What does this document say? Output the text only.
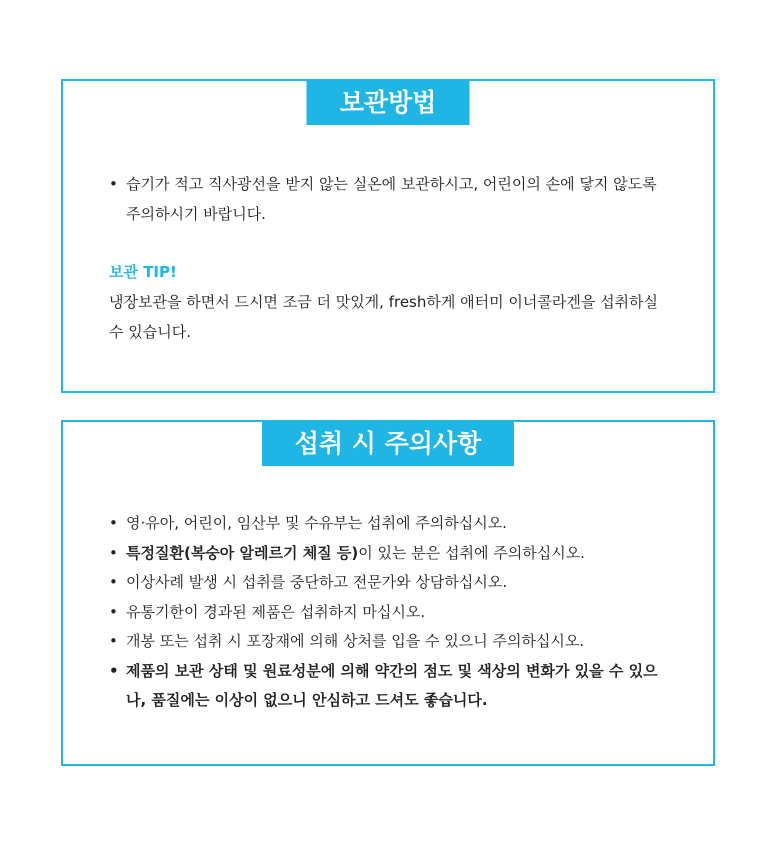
보관방법
• 습기가 적고 직사광선을 받지 않는 실온에 보관하시고, 어린이의 손에 닿지 않도록 주의하시기 바랍니다.
보관 TIP!
냉장보관을 하면서 드시면 조금 더 맛있게, fresh하게 애터미 이너콜라겐을 섭취하실 수 있습니다.
섭취 시 주의사항
• 영·유아, 어린이, 임산부 및 수유부는 섭취에 주의하십시오.
• 특정질환(복숭아 알레르기 체질 등)이 있는 분은 섭취에 주의하십시오.
• 이상사례 발생 시 섭취를 중단하고 전문가와 상담하십시오.
• 유통기한이 경과된 제품은 섭취하지 마십시오.
• 개봉 또는 섭취 시 포장재에 의해 상처를 입을 수 있으니 주의하십시오.
• 제품의 보관 상태 및 원료성분에 의해 약간의 점도 및 색상의 변화가 있을 수 있으나, 품질에는 이상이 없으니 안심하고 드셔도 좋습니다.
